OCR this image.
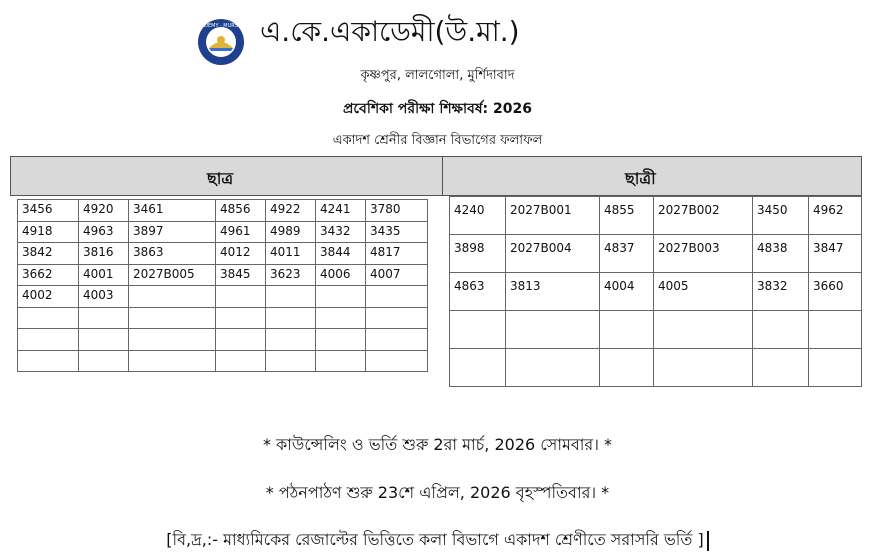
A. K. ACADEMY · MURSHIDABAD
এ.কে.একাডেমী(উ.মা.)
কৃষ্ণপুর, লালগোলা, মুর্শিদাবাদ
প্রবেশিকা পরীক্ষা শিক্ষাবর্ষ: 2026
একাদশ শ্রেনীর বিজ্ঞান বিভাগের ফলাফল
ছাত্র	ছাত্রী
3456	4920	3461	4856	4922	4241	3780
4918	4963	3897	4961	4989	3432	3435
3842	3816	3863	4012	4011	3844	4817
3662	4001	2027B005	3845	3623	4006	4007
4002	4003					

4240	2027B001	4855	2027B002	3450	4962
3898	2027B004	4837	2027B003	4838	3847
4863	3813	4004	4005	3832	3660

* কাউন্সেলিং ও ভর্তি শুরু 2রা মার্চ, 2026 সোমবার। *
* পঠনপাঠণ শুরু 23শে এপ্রিল, 2026 বৃহস্পতিবার। *
[বি,দ্র,:- মাধ্যমিকের রেজাল্টের ভিত্তিতে কলা বিভাগে একাদশ শ্রেণীতে সরাসরি ভর্তি ]
